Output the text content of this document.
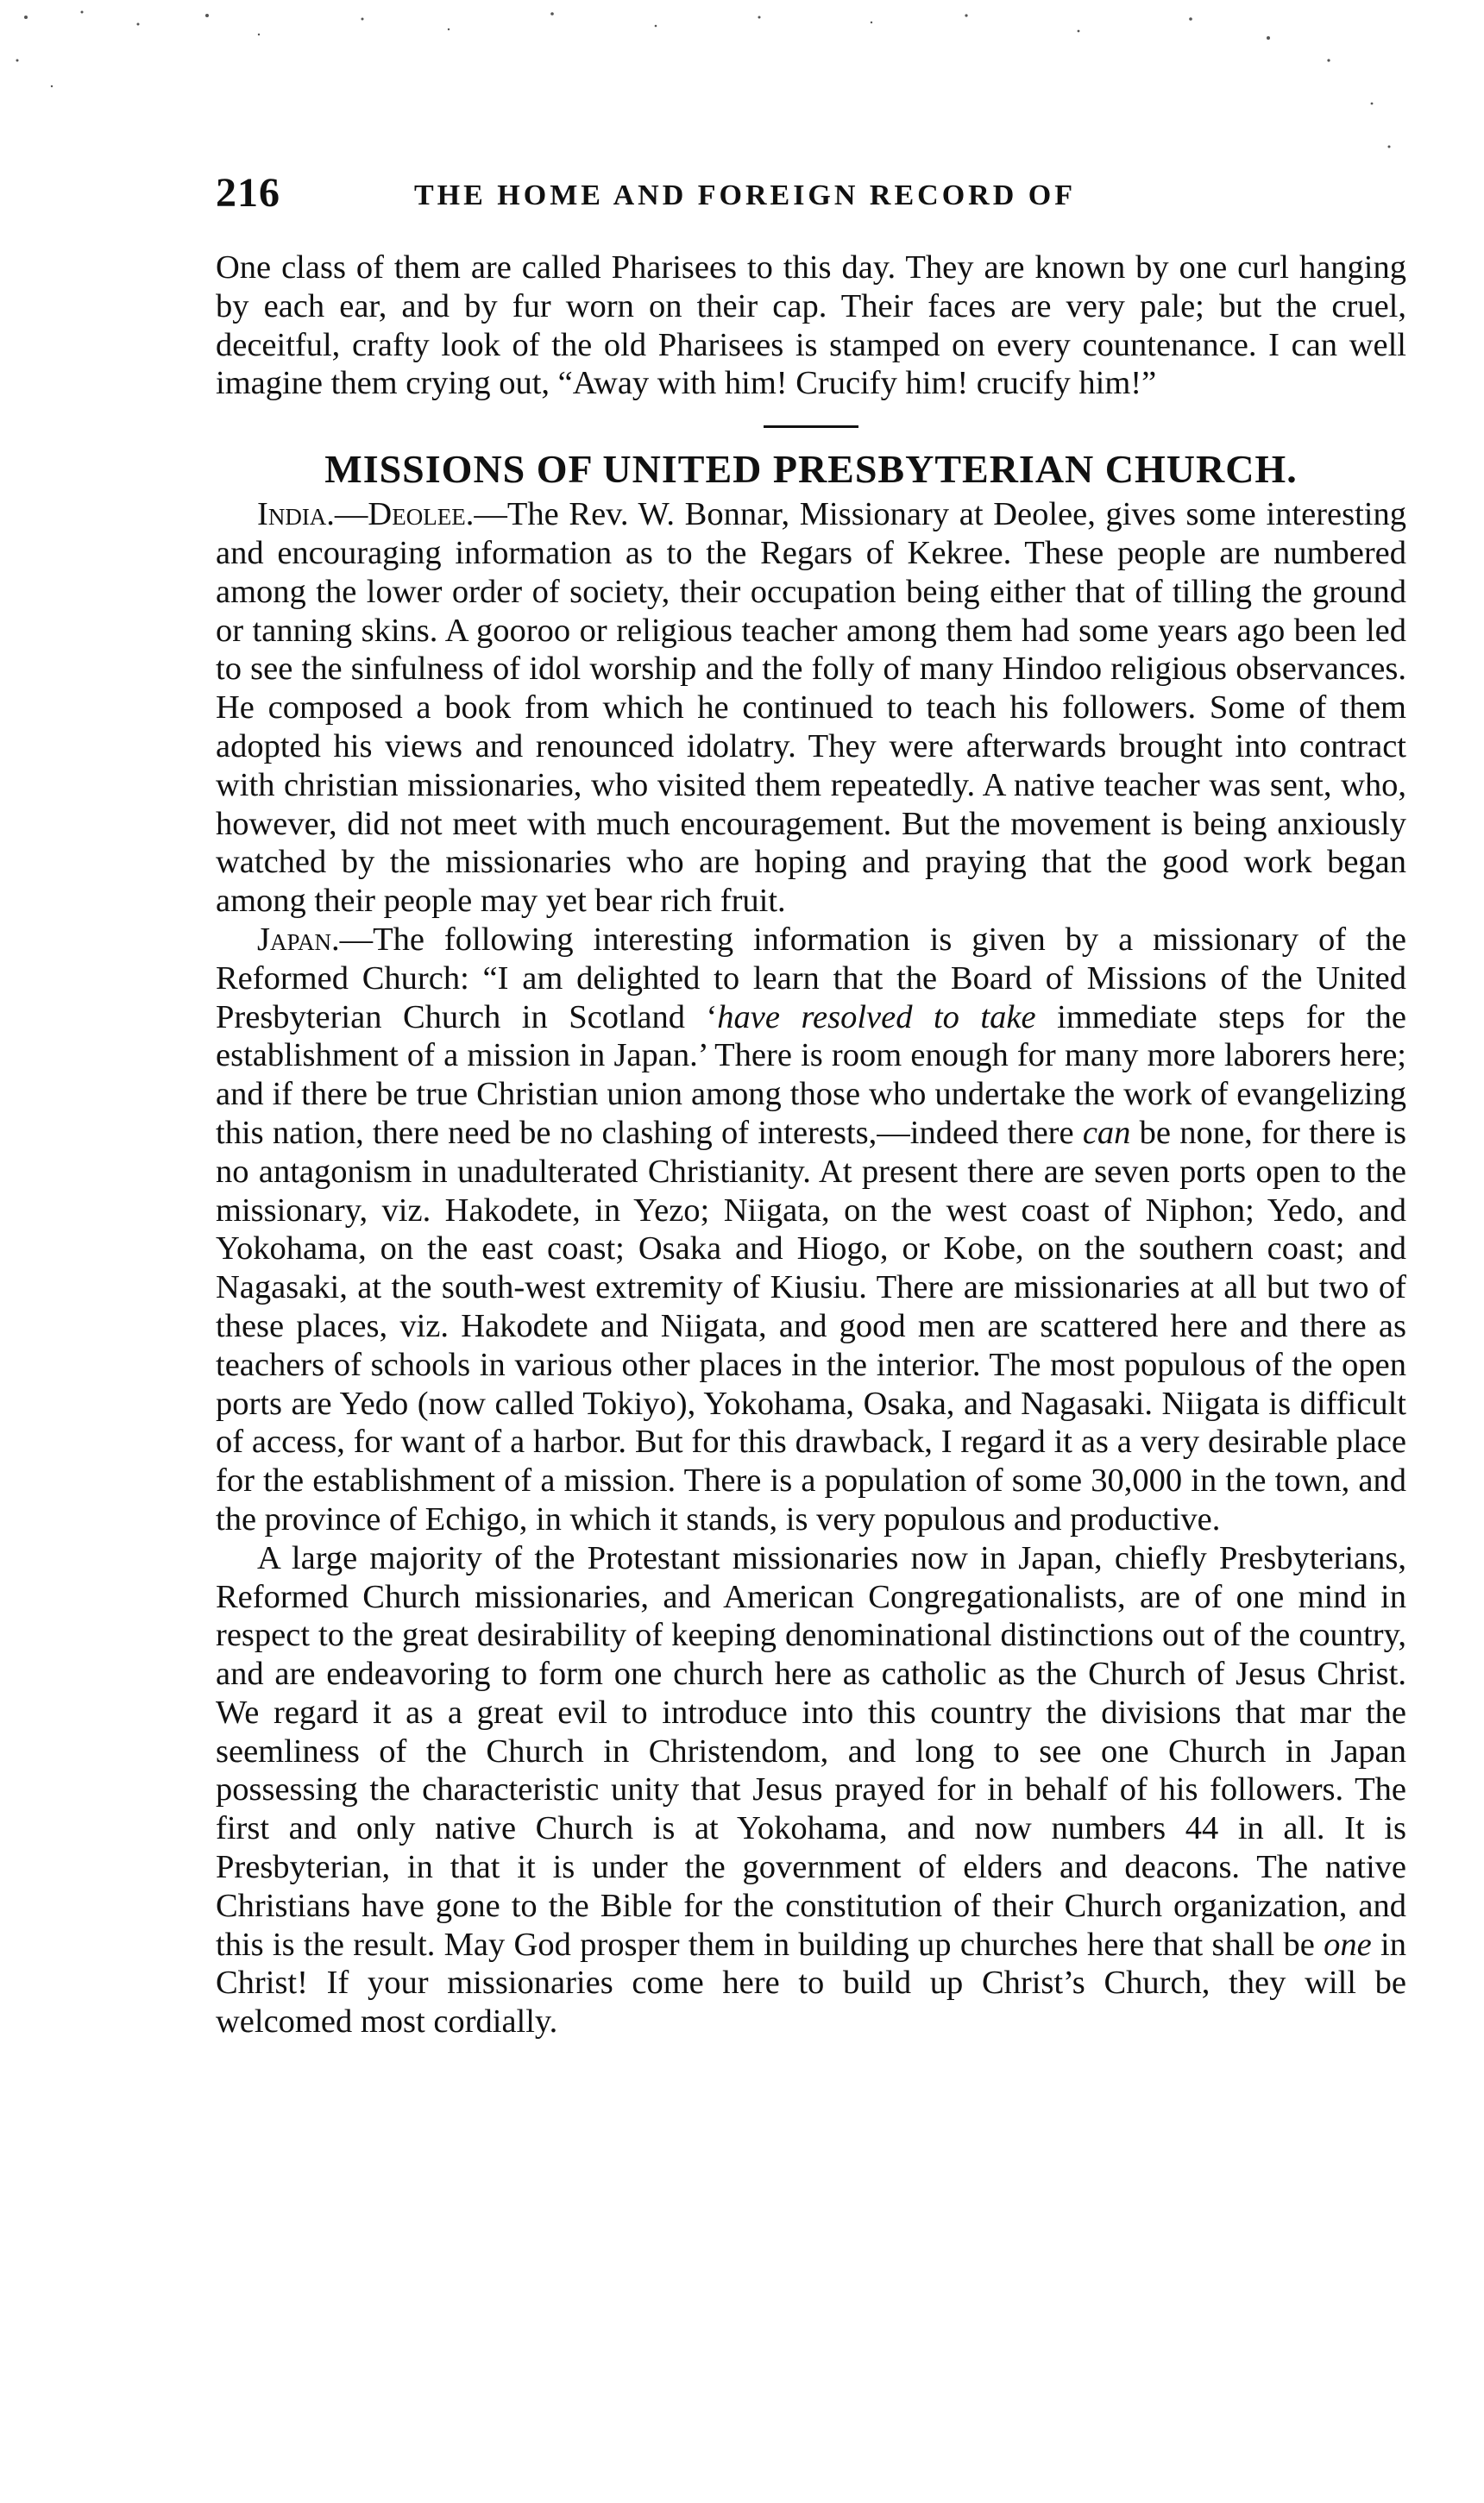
216	THE HOME AND FOREIGN RECORD OF

One class of them are called Pharisees to this day. They are known by one curl hanging by each ear, and by fur worn on their cap. Their faces are very pale; but the cruel, deceitful, crafty look of the old Pharisees is stamped on every countenance. I can well imagine them crying out, “Away with him! Crucify him! crucify him!”

MISSIONS OF UNITED PRESBYTERIAN CHURCH.

India.—Deolee.—The Rev. W. Bonnar, Missionary at Deolee, gives some interesting and encouraging information as to the Regars of Kekree. These people are numbered among the lower order of society, their occupation being either that of tilling the ground or tanning skins. A gooroo or religious teacher among them had some years ago been led to see the sinfulness of idol worship and the folly of many Hindoo religious observances. He composed a book from which he continued to teach his followers. Some of them adopted his views and renounced idolatry. They were afterwards brought into contract with christian missionaries, who visited them repeatedly. A native teacher was sent, who, however, did not meet with much encouragement. But the movement is being anxiously watched by the missionaries who are hoping and praying that the good work began among their people may yet bear rich fruit.

Japan.—The following interesting information is given by a missionary of the Reformed Church: “I am delighted to learn that the Board of Missions of the United Presbyterian Church in Scotland ‘have resolved to take immediate steps for the establishment of a mission in Japan.’ There is room enough for many more laborers here; and if there be true Christian union among those who undertake the work of evangelizing this nation, there need be no clashing of interests,—indeed there can be none, for there is no antagonism in unadulterated Christianity. At present there are seven ports open to the missionary, viz. Hakodete, in Yezo; Niigata, on the west coast of Niphon; Yedo, and Yokohama, on the east coast; Osaka and Hiogo, or Kobe, on the southern coast; and Nagasaki, at the south-west extremity of Kiusiu. There are missionaries at all but two of these places, viz. Hakodete and Niigata, and good men are scattered here and there as teachers of schools in various other places in the interior. The most populous of the open ports are Yedo (now called Tokiyo), Yokohama, Osaka, and Nagasaki. Niigata is difficult of access, for want of a harbor. But for this drawback, I regard it as a very desirable place for the establishment of a mission. There is a population of some 30,000 in the town, and the province of Echigo, in which it stands, is very populous and productive.

A large majority of the Protestant missionaries now in Japan, chiefly Presbyterians, Reformed Church missionaries, and American Congregationalists, are of one mind in respect to the great desirability of keeping denominational distinctions out of the country, and are endeavoring to form one church here as catholic as the Church of Jesus Christ. We regard it as a great evil to introduce into this country the divisions that mar the seemliness of the Church in Christendom, and long to see one Church in Japan possessing the characteristic unity that Jesus prayed for in behalf of his followers. The first and only native Church is at Yokohama, and now numbers 44 in all. It is Presbyterian, in that it is under the government of elders and deacons. The native Christians have gone to the Bible for the constitution of their Church organization, and this is the result. May God prosper them in building up churches here that shall be one in Christ! If your missionaries come here to build up Christ’s Church, they will be welcomed most cordially.
